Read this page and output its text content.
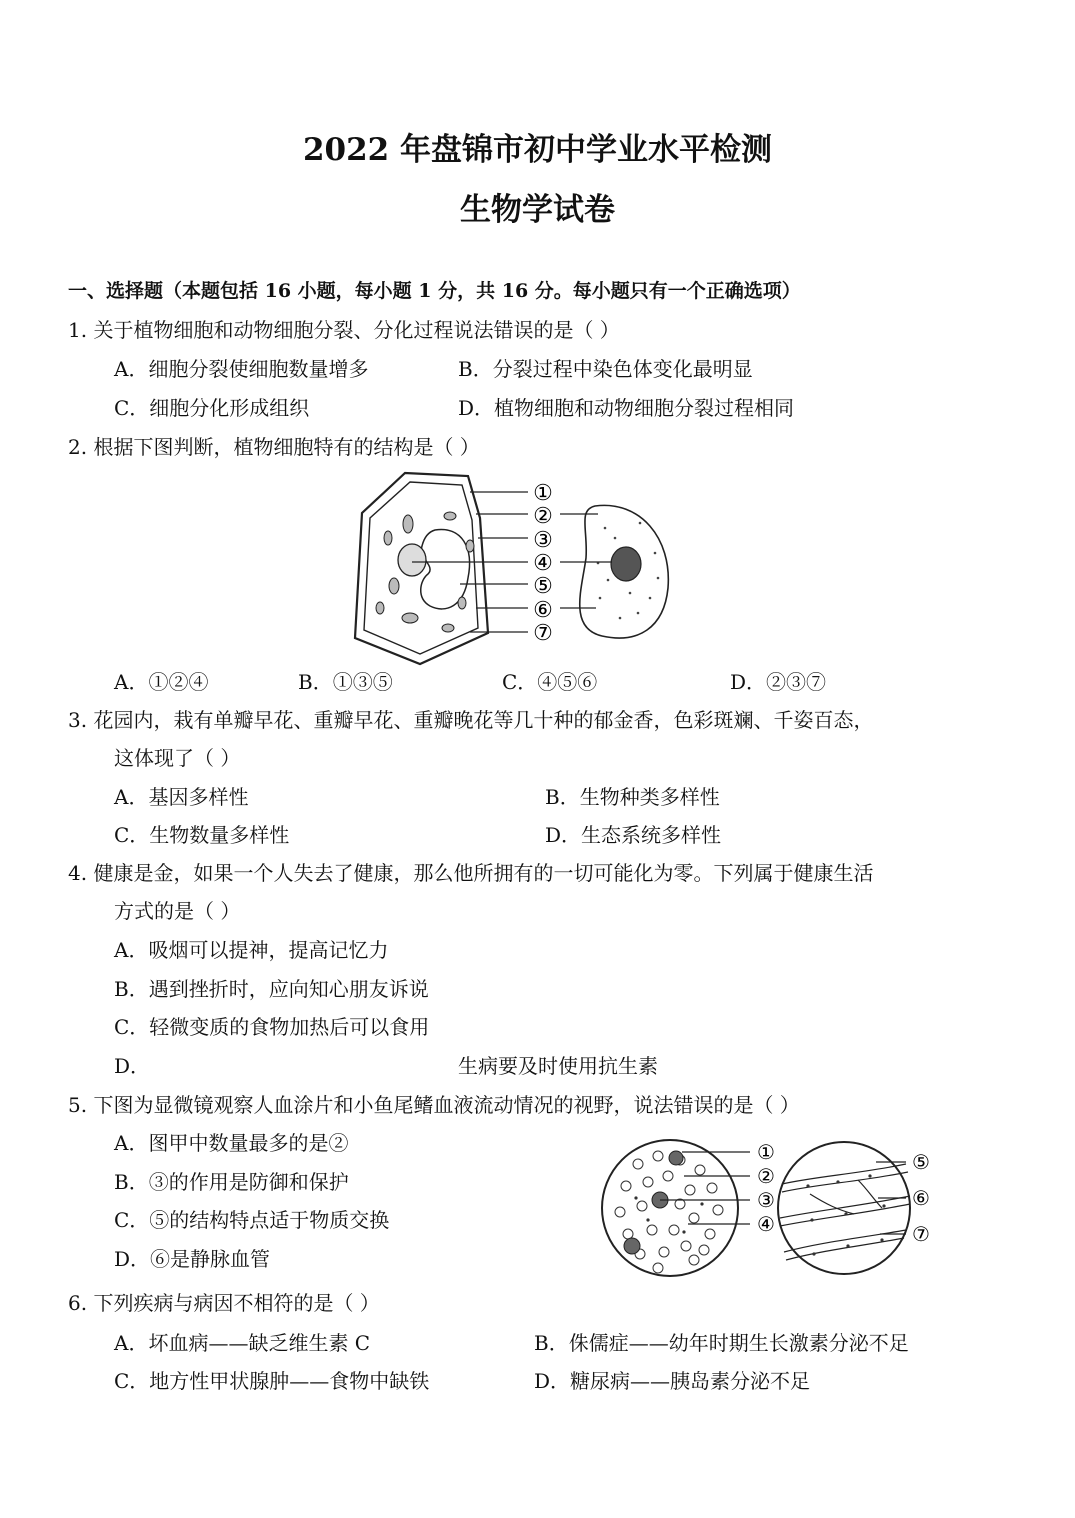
2022 年盘锦市初中学业水平检测
生物学试卷
一、选择题（本题包括 16 小题，每小题 1 分，共 16 分。每小题只有一个正确选项）
1. 关于植物细胞和动物细胞分裂、分化过程说法错误的是（ ）
A．细胞分裂使细胞数量增多	B．分裂过程中染色体变化最明显
C．细胞分化形成组织	D．植物细胞和动物细胞分裂过程相同
2. 根据下图判断，植物细胞特有的结构是（ ）
①
②
③
④
⑤
⑥
⑦
A．①②④	B．①③⑤	C．④⑤⑥	D．②③⑦
3. 花园内，栽有单瓣早花、重瓣早花、重瓣晚花等几十种的郁金香，色彩斑斓、千姿百态，
这体现了（ ）
A．基因多样性	B．生物种类多样性
C．生物数量多样性	D．生态系统多样性
4. 健康是金，如果一个人失去了健康，那么他所拥有的一切可能化为零。下列属于健康生活
方式的是（ ）
A．吸烟可以提神，提高记忆力
B．遇到挫折时，应向知心朋友诉说
C．轻微变质的食物加热后可以食用
D．	生病要及时使用抗生素
5. 下图为显微镜观察人血涂片和小鱼尾鳍血液流动情况的视野，说法错误的是（ ）
A．图甲中数量最多的是②
B．③的作用是防御和保护
C．⑤的结构特点适于物质交换
D．⑥是静脉血管
①
②
③
④
⑤
⑥
⑦
6. 下列疾病与病因不相符的是（ ）
A．坏血病——缺乏维生素 C	B．侏儒症——幼年时期生长激素分泌不足
C．地方性甲状腺肿——食物中缺铁	D．糖尿病——胰岛素分泌不足
